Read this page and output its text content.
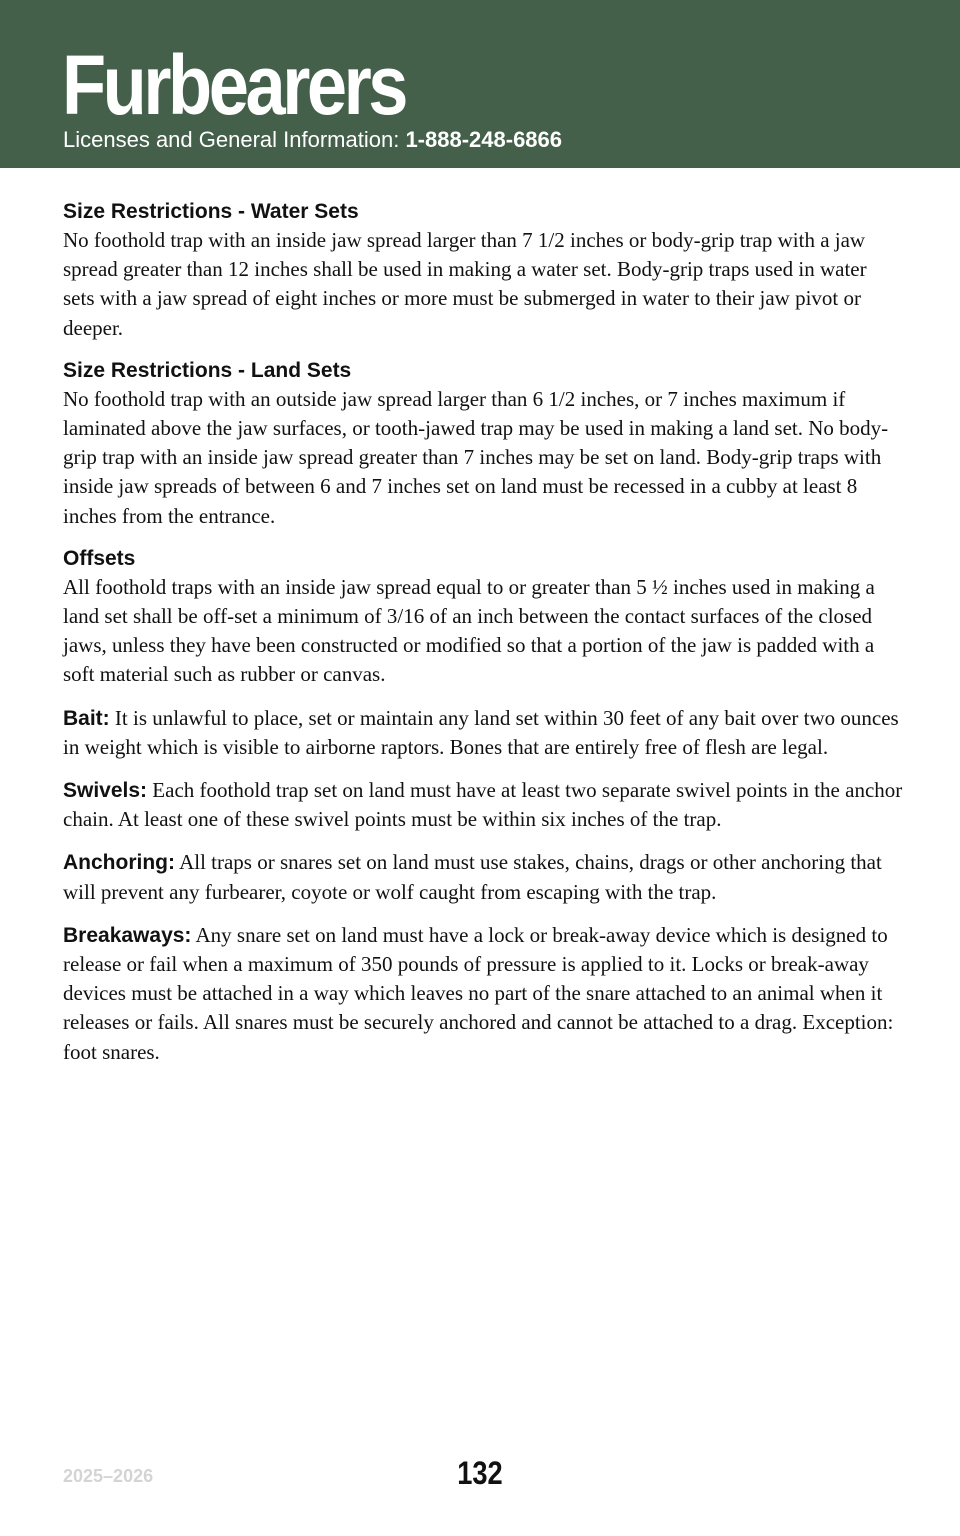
Furbearers
Licenses and General Information: 1-888-248-6866
Size Restrictions - Water Sets

No foothold trap with an inside jaw spread larger than 7 1/2 inches or body-grip trap with a jaw spread greater than 12 inches shall be used in making a water set. Body-grip traps used in water sets with a jaw spread of eight inches or more must be submerged in water to their jaw pivot or deeper.

Size Restrictions - Land Sets

No foothold trap with an outside jaw spread larger than 6 1/2 inches, or 7 inches maximum if laminated above the jaw surfaces, or tooth-jawed trap may be used in making a land set. No body-grip trap with an inside jaw spread greater than 7 inches may be set on land. Body-grip traps with inside jaw spreads of between 6 and 7 inches set on land must be recessed in a cubby at least 8 inches from the entrance.

Offsets

All foothold traps with an inside jaw spread equal to or greater than 5 ½ inches used in making a land set shall be off-set a minimum of 3/16 of an inch between the contact surfaces of the closed jaws, unless they have been constructed or modified so that a portion of the jaw is padded with a soft material such as rubber or canvas.

Bait: It is unlawful to place, set or maintain any land set within 30 feet of any bait over two ounces in weight which is visible to airborne raptors. Bones that are entirely free of flesh are legal.

Swivels: Each foothold trap set on land must have at least two separate swivel points in the anchor chain. At least one of these swivel points must be within six inches of the trap.

Anchoring: All traps or snares set on land must use stakes, chains, drags or other anchoring that will prevent any furbearer, coyote or wolf caught from escaping with the trap.

Breakaways: Any snare set on land must have a lock or break-away device which is designed to release or fail when a maximum of 350 pounds of pressure is applied to it. Locks or break-away devices must be attached in a way which leaves no part of the snare attached to an animal when it releases or fails. All snares must be securely anchored and cannot be attached to a drag. Exception: foot snares.

2025–2026	132
